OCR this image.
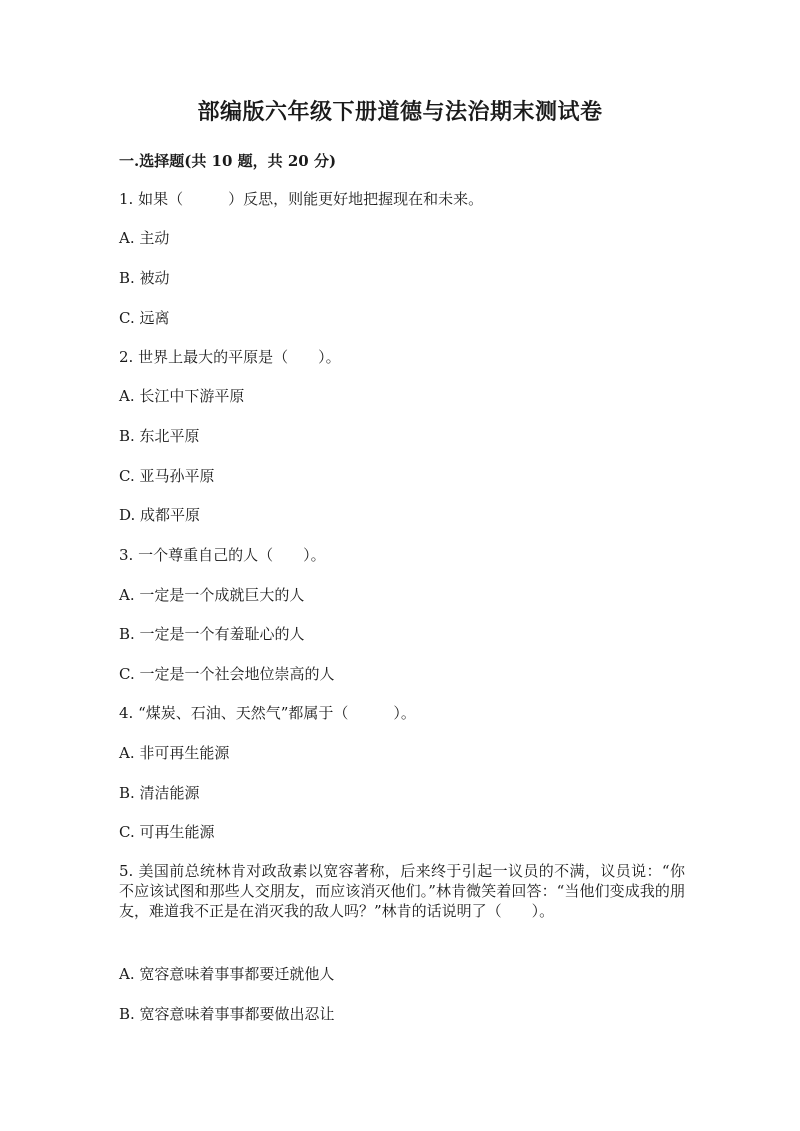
部编版六年级下册道德与法治期末测试卷
一.选择题(共 10 题，共 20 分)
1. 如果（　　　）反思，则能更好地把握现在和未来。
A. 主动
B. 被动
C. 远离
2. 世界上最大的平原是（　　）。
A. 长江中下游平原
B. 东北平原
C. 亚马孙平原
D. 成都平原
3. 一个尊重自己的人（　　）。
A. 一定是一个成就巨大的人
B. 一定是一个有羞耻心的人
C. 一定是一个社会地位崇高的人
4. “煤炭、石油、天然气”都属于（　　　）。
A. 非可再生能源
B. 清洁能源
C. 可再生能源
5. 美国前总统林肯对政敌素以宽容著称，后来终于引起一议员的不满，议员说：“你不应该试图和那些人交朋友，而应该消灭他们。”林肯微笑着回答：“当他们变成我的朋友，难道我不正是在消灭我的敌人吗？”林肯的话说明了（　　）。
A. 宽容意味着事事都要迁就他人
B. 宽容意味着事事都要做出忍让
